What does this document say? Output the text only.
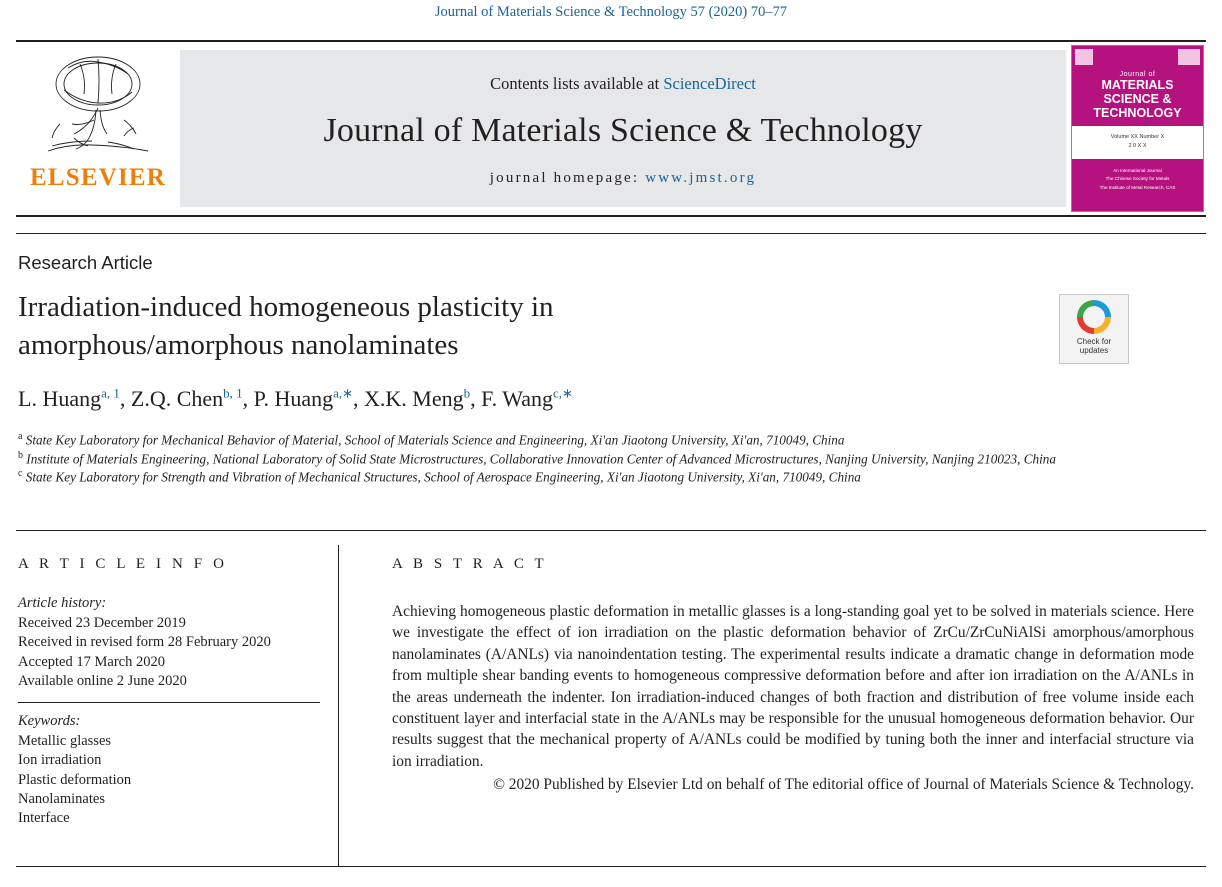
Journal of Materials Science & Technology 57 (2020) 70–77
ELSEVIER
Contents lists available at ScienceDirect
Journal of Materials Science & Technology
journal homepage: www.jmst.org
Journal of
MATERIALS
SCIENCE &
TECHNOLOGY
Volume XX Number X
2 0 X X
An International Journal
The Chinese Society for Metals
The Institute of Metal Research, CAS
Research Article
Irradiation-induced homogeneous plasticity in
amorphous/amorphous nanolaminates	Check for
updates
L. Huang$^{a, 1}$, Z.Q. Chen$^{b, 1}$, P. Huang$^{a,∗}$, X.K. Meng$^b$, F. Wang$^{c,∗}$
$^a$ State Key Laboratory for Mechanical Behavior of Material, School of Materials Science and Engineering, Xi'an Jiaotong University, Xi'an, 710049, China
$^b$ Institute of Materials Engineering, National Laboratory of Solid State Microstructures, Collaborative Innovation Center of Advanced Microstructures, Nanjing University, Nanjing 210023, China
$^c$ State Key Laboratory for Strength and Vibration of Mechanical Structures, School of Aerospace Engineering, Xi'an Jiaotong University, Xi'an, 710049, China
A R T I C L E I N F O
Article history:
Received 23 December 2019
Received in revised form 28 February 2020
Accepted 17 March 2020
Available online 2 June 2020
Keywords:
Metallic glasses
Ion irradiation
Plastic deformation
Nanolaminates
Interface
A B S T R A C T
Achieving homogeneous plastic deformation in metallic glasses is a long-standing goal yet to be solved in materials science. Here we investigate the effect of ion irradiation on the plastic deformation behavior of ZrCu/ZrCuNiAlSi amorphous/amorphous nanolaminates (A/ANLs) via nanoindentation testing. The experimental results indicate a dramatic change in deformation mode from multiple shear banding events to homogeneous compressive deformation before and after ion irradiation on the A/ANLs in the areas underneath the indenter. Ion irradiation-induced changes of both fraction and distribution of free volume inside each constituent layer and interfacial state in the A/ANLs may be responsible for the unusual homogeneous deformation behavior. Our results suggest that the mechanical property of A/ANLs could be modified by tuning both the inner and interfacial structure via ion irradiation.
© 2020 Published by Elsevier Ltd on behalf of The editorial office of Journal of Materials Science & Technology.
